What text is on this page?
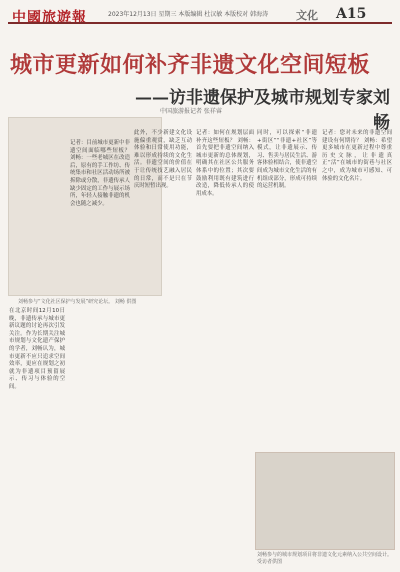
中國旅遊報	2023年12月13日 星期三 本版编辑 杜汉敏 本版校对 韩海涛	文化 A15
城市更新如何补齐非遗文化空间短板
——访非遗保护及城市规划专家刘畅
中国旅游报记者 张祥睿
刘畅参与“文化社区保护与发展”研究论坛。 刘畅 供图
在北京时间12月10日晚，非遗传承与城市更新议题的讨论再次引发关注。作为长期关注城市规划与文化遗产保护的学者，刘畅认为，城市更新不应只追求空间效率，更应在规划之初就为非遗项目预留展示、传习与体验的空间。
记者：目前城市更新中非遗空间面临哪些短板？ 刘畅：一些老城区在改造后，原有的手工作坊、传统集市和社区活动场所被拆除或分散，非遗传承人缺少固定的工作与展示场所，年轻人接触非遗的机会也随之减少。
此外，不少新建文化设施偏重观赏，缺乏互动体验和日常使用功能，难以形成持续的文化生活。非遗空间的价值在于让传统技艺融入居民的日常，而不是只在节庆时短暂出现。
记者：如何在规划层面补齐这些短板？ 刘畅：首先要把非遗空间纳入城市更新的总体规划，明确其在社区公共服务体系中的位置；其次要鼓励利用既有建筑进行改造，降低传承人的使用成本。
同时，可以探索“非遗+街区”“非遗+社区”等模式，让非遗展示、传习、售卖与居民生活、游客体验相结合，使非遗空间成为城市文化生活的有机组成部分，形成可持续的运营机制。
记者：您对未来的非遗空间建设有何期待？ 刘畅：希望更多城市在更新过程中尊重历史文脉，让非遗真正“活”在城市的街巷与社区之中，成为城市可感知、可体验的文化名片。
刘畅参与的城市规划项目将非遗文化元素纳入公共空间设计。 受访者供图
